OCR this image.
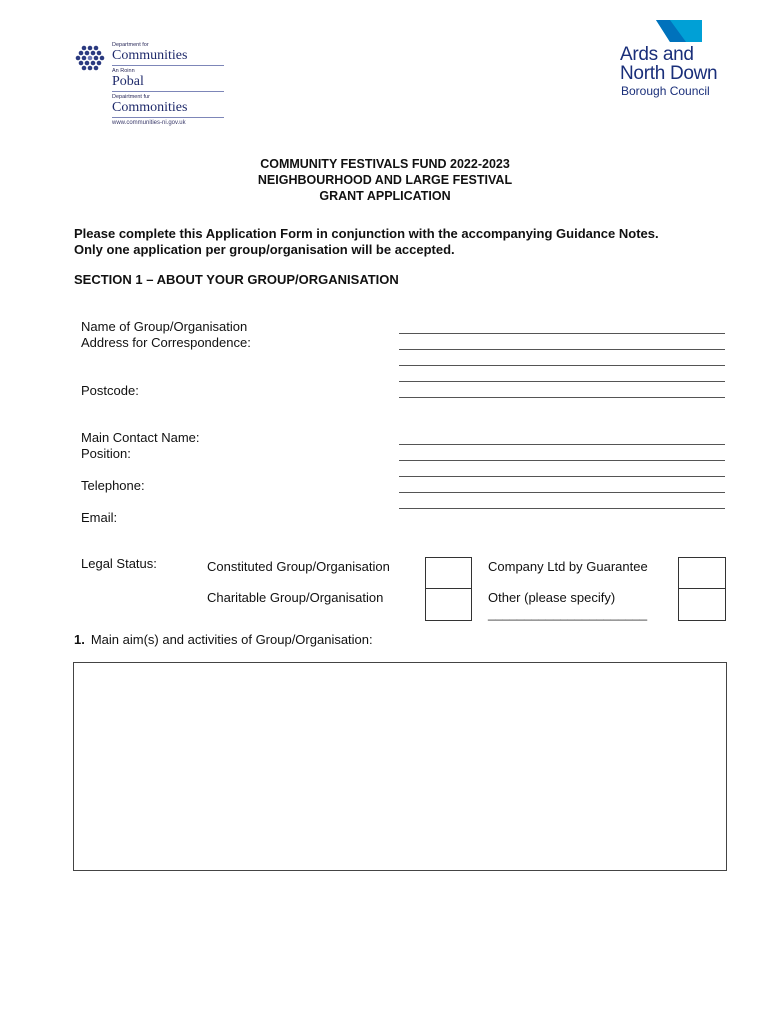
Department for
Communities
An Roinn
Pobal
Depairtment fur
Commonities
www.communities-ni.gov.uk
Ards and
North Down
Borough Council
COMMUNITY FESTIVALS FUND 2022-2023
NEIGHBOURHOOD AND LARGE FESTIVAL
GRANT APPLICATION
Please complete this Application Form in conjunction with the accompanying Guidance Notes.
Only one application per group/organisation will be accepted.
SECTION 1 – ABOUT YOUR GROUP/ORGANISATION
Name of Group/Organisation
Address for Correspondence:
Postcode:
Main Contact Name:
Position:
Telephone:
Email:
Legal Status:	Constituted Group/Organisation
Charitable Group/Organisation
Company Ltd by Guarantee
Other (please specify)
______________________
1. Main aim(s) and activities of Group/Organisation:
